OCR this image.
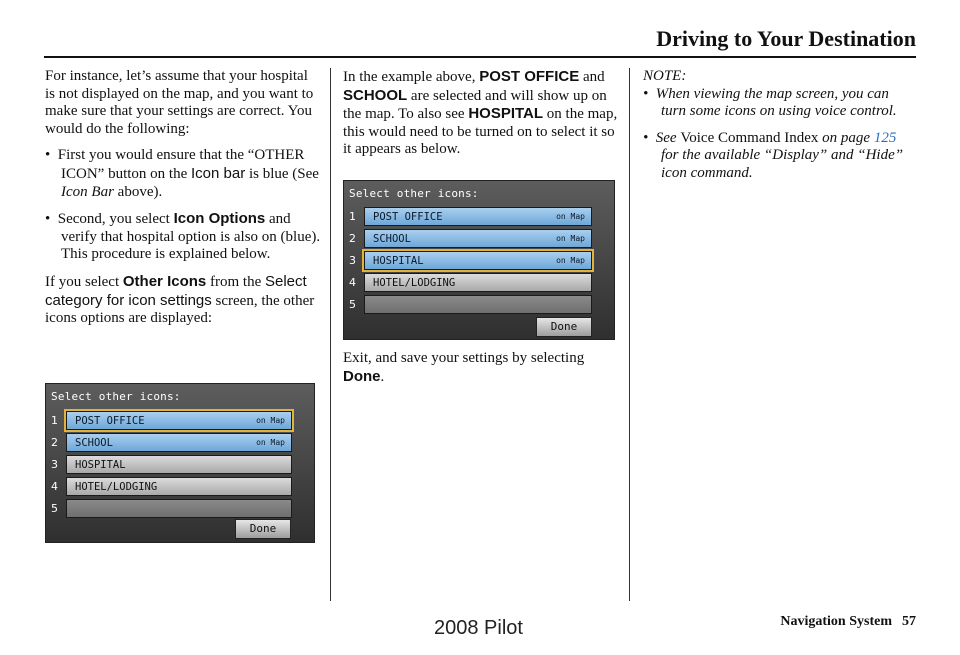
Driving to Your Destination

For instance, let’s assume that your hospital is not displayed on the map, and you want to make sure that your settings are correct. You would do the following:

•  First you would ensure that the “OTHER ICON” button on the Icon bar is blue (See Icon Bar above).

•  Second, you select Icon Options and verify that hospital option is also on (blue). This procedure is explained below.

If you select Other Icons from the Select category for icon settings screen, the other icons options are displayed:

Select other icons:
1	POST OFFICE	on Map
2	SCHOOL	on Map
3	HOSPITAL
4	HOTEL/LODGING
5
Done

In the example above, POST OFFICE and SCHOOL are selected and will show up on the map. To also see HOSPITAL on the map, this would need to be turned on to select it so it appears as below.

Select other icons:
1	POST OFFICE	on Map
2	SCHOOL	on Map
3	HOSPITAL	on Map
4	HOTEL/LODGING
5
Done

Exit, and save your settings by selecting Done.

NOTE:

•  When viewing the map screen, you can turn some icons on using voice control.

•  See Voice Command Index on page 125 for the available “Display” and “Hide” icon command.

Navigation System 57
2008 Pilot
